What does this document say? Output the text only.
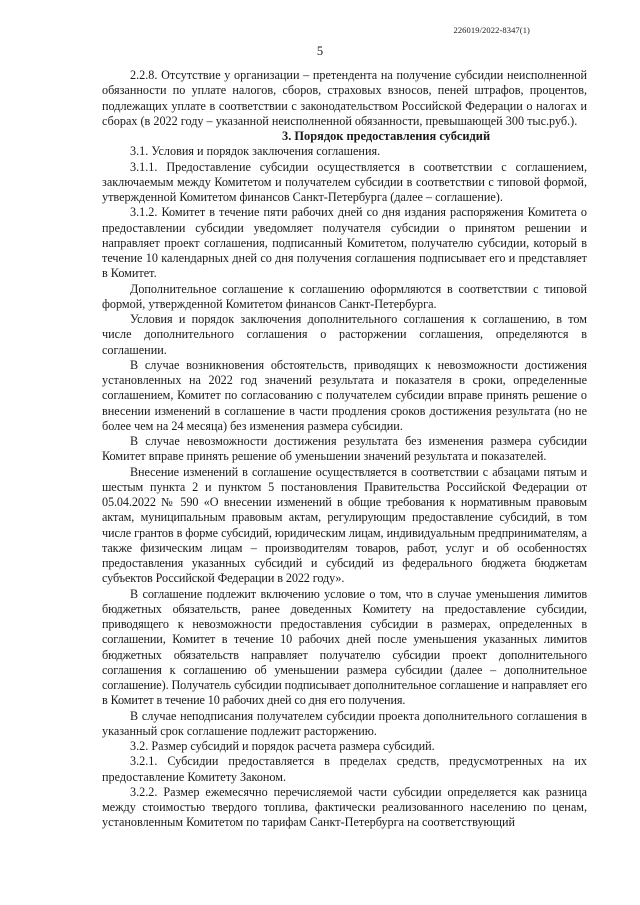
226019/2022-8347(1)
5

2.2.8. Отсутствие у организации – претендента на получение субсидии неисполненной обязанности по уплате налогов, сборов, страховых взносов, пеней штрафов, процентов, подлежащих уплате в соответствии с законодательством Российской Федерации о налогах и сборах (в 2022 году – указанной неисполненной обязанности, превышающей 300 тыс.руб.).

3. Порядок предоставления субсидий

3.1. Условия и порядок заключения соглашения.

3.1.1. Предоставление субсидии осуществляется в соответствии с соглашением, заключаемым между Комитетом и получателем субсидии в соответствии с типовой формой, утвержденной Комитетом финансов Санкт-Петербурга (далее – соглашение).

3.1.2. Комитет в течение пяти рабочих дней со дня издания распоряжения Комитета о предоставлении субсидии уведомляет получателя субсидии о принятом решении и направляет проект соглашения, подписанный Комитетом, получателю субсидии, который в течение 10 календарных дней со дня получения соглашения подписывает его и представляет в Комитет.

Дополнительное соглашение к соглашению оформляются в соответствии с типовой формой, утвержденной Комитетом финансов Санкт-Петербурга.

Условия и порядок заключения дополнительного соглашения к соглашению, в том числе дополнительного соглашения о расторжении соглашения, определяются в соглашении.

В случае возникновения обстоятельств, приводящих к невозможности достижения установленных на 2022 год значений результата и показателя в сроки, определенные соглашением, Комитет по согласованию с получателем субсидии вправе принять решение о внесении изменений в соглашение в части продления сроков достижения результата (но не более чем на 24 месяца) без изменения размера субсидии.

В случае невозможности достижения результата без изменения размера субсидии Комитет вправе принять решение об уменьшении значений результата и показателей.

Внесение изменений в соглашение осуществляется в соответствии с абзацами пятым и шестым пункта 2 и пунктом 5 постановления Правительства Российской Федерации от 05.04.2022 № 590 «О внесении изменений в общие требования к нормативным правовым актам, муниципальным правовым актам, регулирующим предоставление субсидий, в том числе грантов в форме субсидий, юридическим лицам, индивидуальным предпринимателям, а также физическим лицам – производителям товаров, работ, услуг и об особенностях предоставления указанных субсидий и субсидий из федерального бюджета бюджетам субъектов Российской Федерации в 2022 году».

В соглашение подлежит включению условие о том, что в случае уменьшения лимитов бюджетных обязательств, ранее доведенных Комитету на предоставление субсидии, приводящего к невозможности предоставления субсидии в размерах, определенных в соглашении, Комитет в течение 10 рабочих дней после уменьшения указанных лимитов бюджетных обязательств направляет получателю субсидии проект дополнительного соглашения к соглашению об уменьшении размера субсидии (далее – дополнительное соглашение). Получатель субсидии подписывает дополнительное соглашение и направляет его в Комитет в течение 10 рабочих дней со дня его получения.

В случае неподписания получателем субсидии проекта дополнительного соглашения в указанный срок соглашение подлежит расторжению.

3.2. Размер субсидий и порядок расчета размера субсидий.

3.2.1. Субсидии предоставляется в пределах средств, предусмотренных на их предоставление Комитету Законом.

3.2.2. Размер ежемесячно перечисляемой части субсидии определяется как разница между стоимостью твердого топлива, фактически реализованного населению по ценам, установленным Комитетом по тарифам Санкт-Петербурга на соответствующий
